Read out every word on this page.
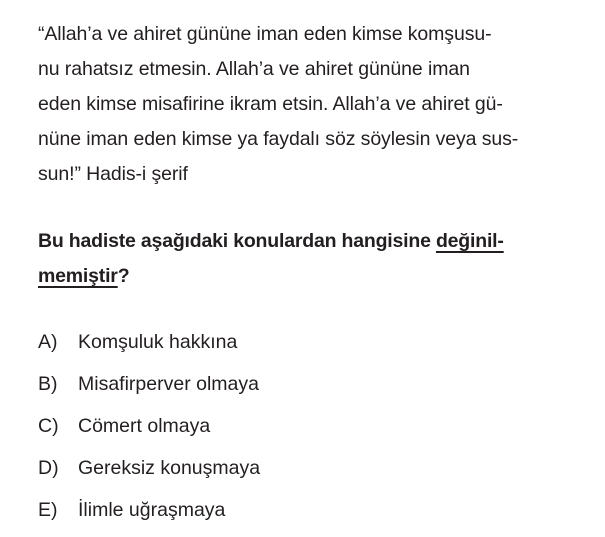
“Allah’a ve ahiret gününe iman eden kimse komşusu-
nu rahatsız etmesin. Allah’a ve ahiret gününe iman
eden kimse misafirine ikram etsin. Allah’a ve ahiret gü-
nüne iman eden kimse ya faydalı söz söylesin veya sus-
sun!” Hadis-i şerif
Bu hadiste aşağıdaki konulardan hangisine değinil-
memiştir?
A) Komşuluk hakkına
B) Misafirperver olmaya
C) Cömert olmaya
D) Gereksiz konuşmaya
E) İlimle uğraşmaya
